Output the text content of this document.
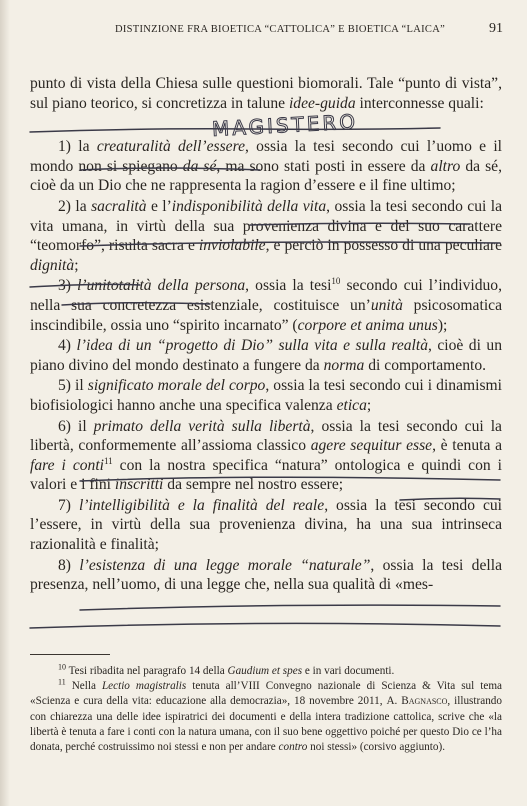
DISTINZIONE FRA BIOETICA “CATTOLICA” E BIOETICA “LAICA”	91

punto di vista della Chiesa sulle questioni biomorali. Tale “punto di vista”, sul piano teorico, si concretizza in talune idee-guida interconnesse quali:

1) la creaturalità dell’essere, ossia la tesi secondo cui l’uomo e il mondo non si spiegano da sé, ma sono stati posti in essere da altro da sé, cioè da un Dio che ne rappresenta la ragion d’essere e il fine ultimo;

2) la sacralità e l’indisponibilità della vita, ossia la tesi secondo cui la vita umana, in virtù della sua provenienza divina e del suo carattere “teomorfo”, risulta sacra e inviolabile, e perciò in possesso di una peculiare dignità;

3) l’unitotalità della persona, ossia la tesi$^{10}$ secondo cui l’individuo, nella sua concretezza esistenziale, costituisce un’unità psicosomatica inscindibile, ossia uno “spirito incarnato” (corpore et anima unus);

4) l’idea di un “progetto di Dio” sulla vita e sulla realtà, cioè di un piano divino del mondo destinato a fungere da norma di comportamento.

5) il significato morale del corpo, ossia la tesi secondo cui i dinamismi biofisiologici hanno anche una specifica valenza etica;

6) il primato della verità sulla libertà, ossia la tesi secondo cui la libertà, conformemente all’assioma classico agere sequitur esse, è tenuta a fare i conti$^{11}$ con la nostra specifica “natura” ontologica e quindi con i valori e i fini inscritti da sempre nel nostro essere;

7) l’intelligibilità e la finalità del reale, ossia la tesi secondo cui l’essere, in virtù della sua provenienza divina, ha una sua intrinseca razionalità e finalità;

8) l’esistenza di una legge morale “naturale”, ossia la tesi della presenza, nell’uomo, di una legge che, nella sua qualità di «mes-

$^{10}$ Tesi ribadita nel paragrafo 14 della Gaudium et spes e in vari documenti.

$^{11}$ Nella Lectio magistralis tenuta all’VIII Convegno nazionale di Scienza & Vita sul tema «Scienza e cura della vita: educazione alla democrazia», 18 novembre 2011, A. Bagnasco, illustrando con chiarezza una delle idee ispiratrici dei documenti e della intera tradizione cattolica, scrive che «la libertà è tenuta a fare i conti con la natura umana, con il suo bene oggettivo poiché per questo Dio ce l’ha donata, perché costruissimo noi stessi e non per andare contro noi stessi» (corsivo aggiunto).

MAGISTERO
